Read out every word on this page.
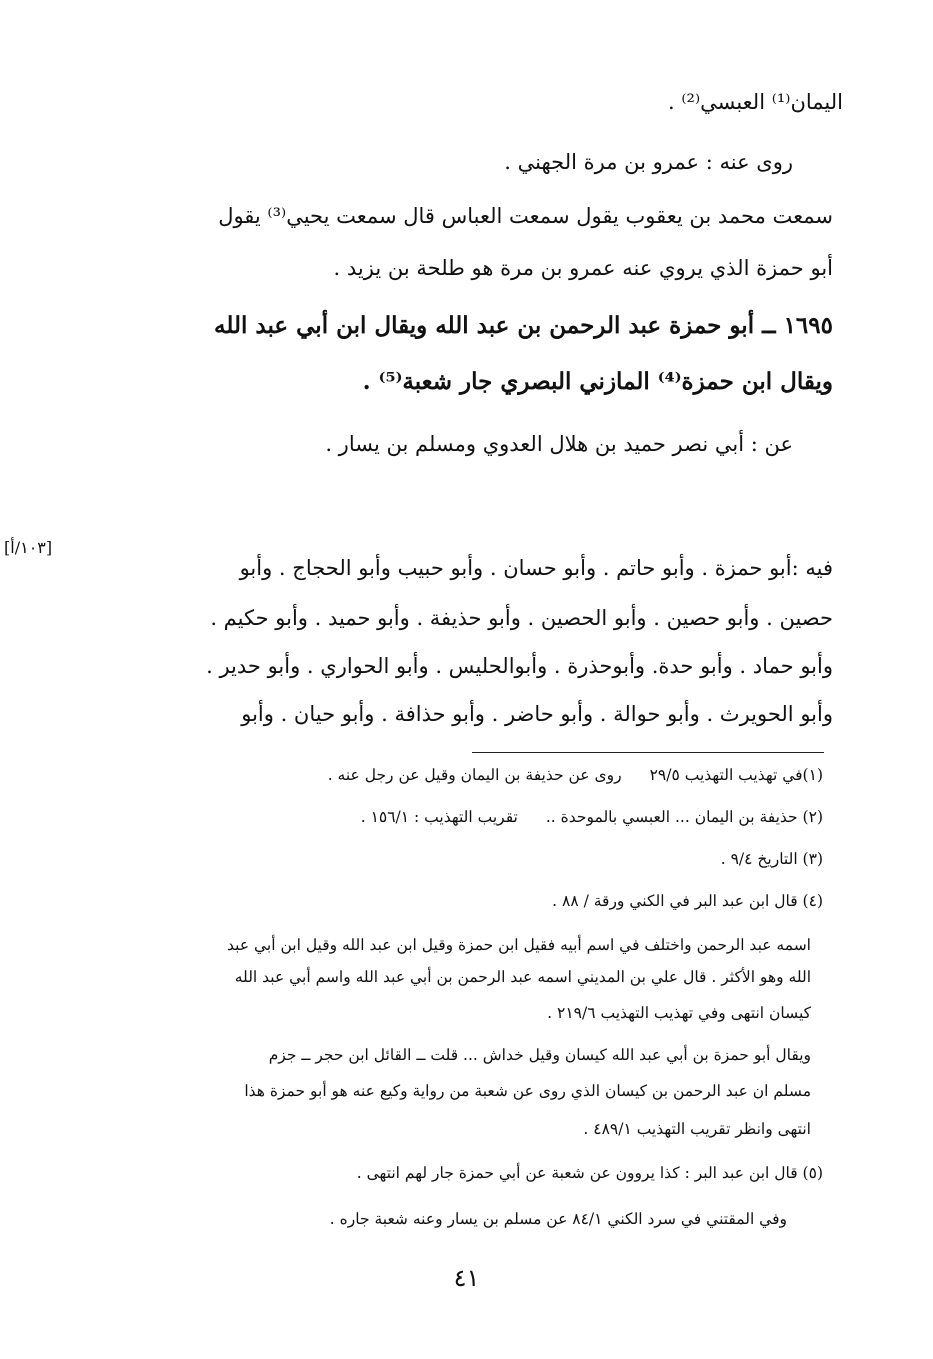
اليمان⁽¹⁾ العبسي⁽²⁾ .
روى عنه : عمرو بن مرة الجهني .
سمعت محمد بن يعقوب يقول سمعت العباس قال سمعت يحيي⁽³⁾ يقول
أبو حمزة الذي يروي عنه عمرو بن مرة هو طلحة بن يزيد .
١٦٩٥ ــ أبو حمزة عبد الرحمن بن عبد الله ويقال ابن أبي عبد الله
ويقال ابن حمزة⁽⁴⁾ المازني البصري جار شعبة⁽⁵⁾ .
عن : أبي نصر حميد بن هلال العدوي ومسلم بن يسار .
[١٠٣/أ]
فيه :أبو حمزة . وأبو حاتم . وأبو حسان . وأبو حبيب وأبو الحجاج . وأبو
حصين . وأبو حصين . وأبو الحصين . وأبو حذيفة . وأبو حميد . وأبو حكيم .
وأبو حماد . وأبو حدة. وأبوحذرة . وأبوالحليس . وأبو الحواري . وأبو حدير .
وأبو الحويرث . وأبو حوالة . وأبو حاضر . وأبو حذافة . وأبو حيان . وأبو
(١)في تهذيب التهذيب ٢٩/٥روى عن حذيفة بن اليمان وقيل عن رجل عنه .
(٢) حذيفة بن اليمان ... العبسي بالموحدة ..تقريب التهذيب : ١٥٦/١ .
(٣) التاريخ ٩/٤ .
(٤) قال ابن عبد البر في الكني ورقة / ٨٨ .
اسمه عبد الرحمن واختلف في اسم أبيه فقيل ابن حمزة وقيل ابن عبد الله وقيل ابن أبي عبد
الله وهو الأكثر . قال علي بن المديني اسمه عبد الرحمن بن أبي عبد الله واسم أبي عبد الله
كيسان انتهى وفي تهذيب التهذيب ٢١٩/٦ .
ويقال أبو حمزة بن أبي عبد الله كيسان وقيل خداش ... قلت ــ القائل ابن حجر ــ جزم
مسلم ان عبد الرحمن بن كيسان الذي روى عن شعبة من رواية وكيع عنه هو أبو حمزة هذا
انتهى وانظر تقريب التهذيب ٤٨٩/١ .
(٥) قال ابن عبد البر : كذا يروون عن شعبة عن أبي حمزة جار لهم انتهى .
وفي المقتني في سرد الكني ٨٤/١ عن مسلم بن يسار وعنه شعبة جاره .
٤١
